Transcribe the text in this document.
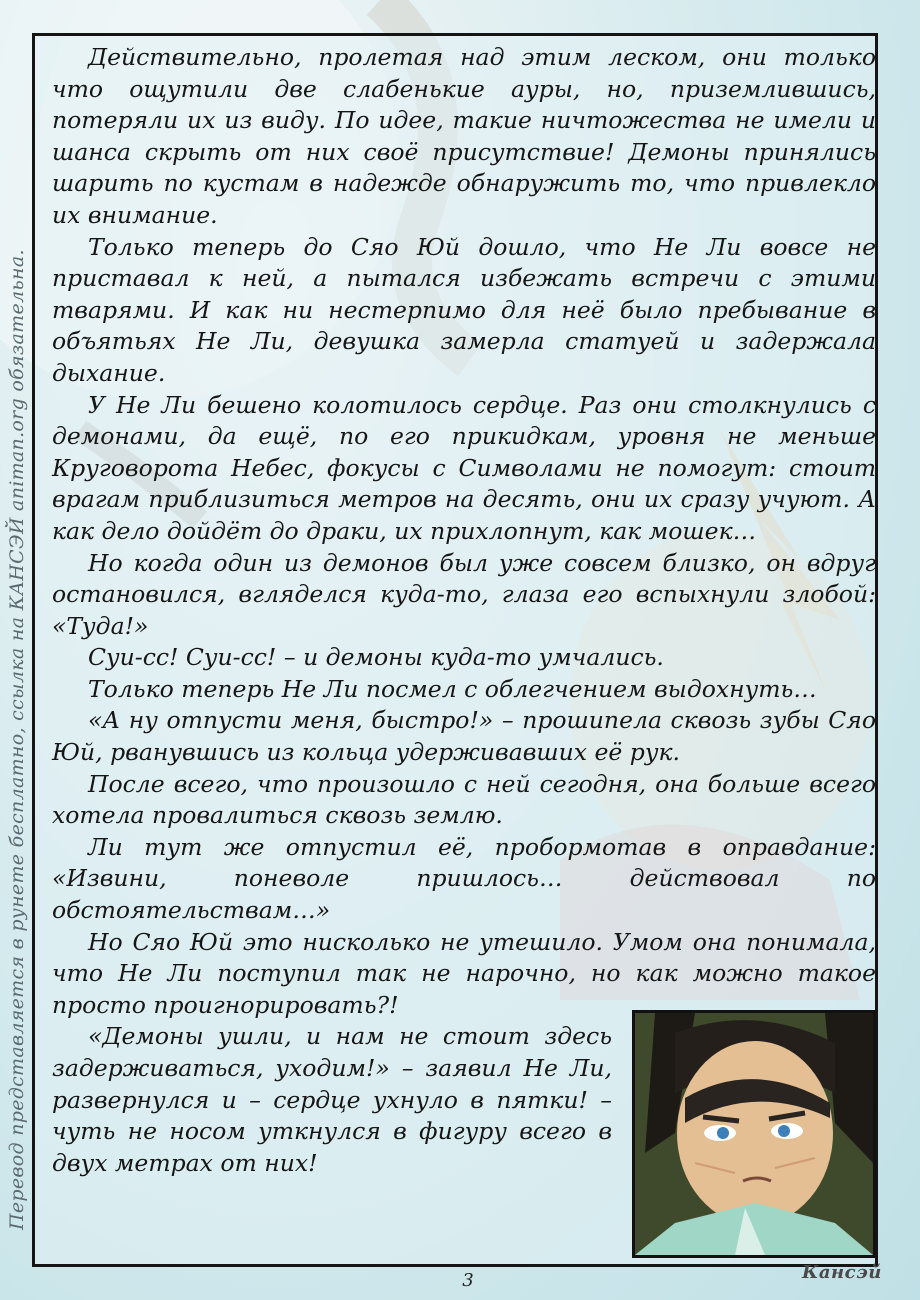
Перевод представляется в рунете бесплатно, ссылка на КАНСЭЙ animan.org обязательна.

Действительно, пролетая над этим леском, они только что ощутили две слабенькие ауры, но, приземлившись, потеряли их из виду. По идее, такие ничтожества не имели и шанса скрыть от них своё присутствие! Демоны принялись шарить по кустам в надежде обнаружить то, что привлекло их внимание.

Только теперь до Сяо Юй дошло, что Не Ли вовсе не приставал к ней, а пытался избежать встречи с этими тварями. И как ни нестерпимо для неё было пребывание в объятьях Не Ли, девушка замерла статуей и задержала дыхание.

У Не Ли бешено колотилось сердце. Раз они столкнулись с демонами, да ещё, по его прикидкам, уровня не меньше Круговорота Небес, фокусы с Символами не помогут: стоит врагам приблизиться метров на десять, они их сразу учуют. А как дело дойдёт до драки, их прихлопнут, как мошек…

Но когда один из демонов был уже совсем близко, он вдруг остановился, вгляделся куда-то, глаза его вспыхнули злобой: «Туда!»

Суи-сс! Суи-сс! – и демоны куда-то умчались.

Только теперь Не Ли посмел с облегчением выдохнуть…

«А ну отпусти меня, быстро!» – прошипела сквозь зубы Сяо Юй, рванувшись из кольца удерживавших её рук.

После всего, что произошло с ней сегодня, она больше всего хотела провалиться сквозь землю.

Ли тут же отпустил её, пробормотав в оправдание: «Извини, поневоле пришлось… действовал по обстоятельствам…»

Но Сяо Юй это нисколько не утешило. Умом она понимала, что Не Ли поступил так не нарочно, но как можно такое просто проигнорировать?!

«Демоны ушли, и нам не стоит здесь задерживаться, уходим!» – заявил Не Ли, развернулся и – сердце ухнуло в пятки! – чуть не носом уткнулся в фигуру всего в двух метрах от них!

3	Кансэй
